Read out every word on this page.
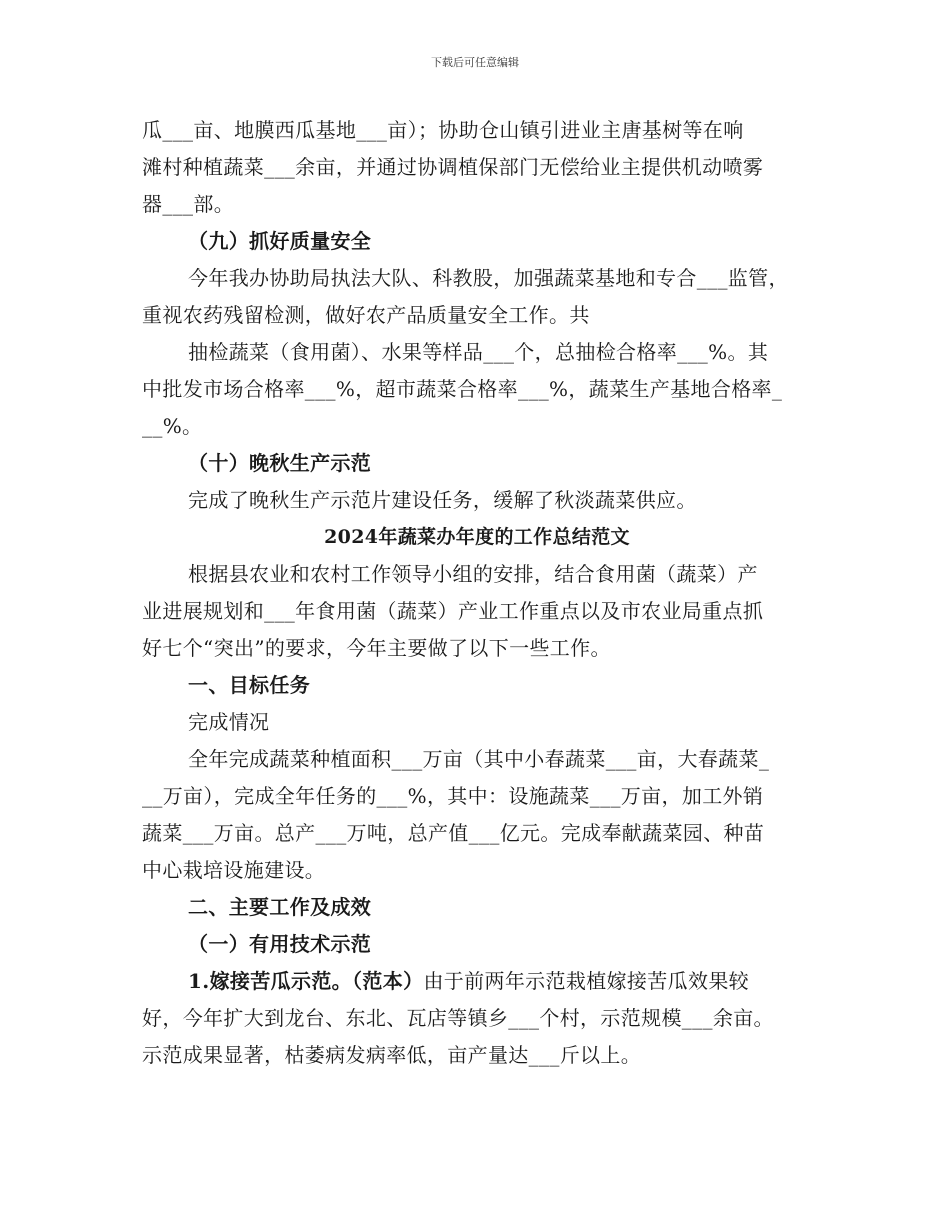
下载后可任意编辑
瓜___亩、地膜西瓜基地___亩）；协助仓山镇引进业主唐基树等在响
滩村种植蔬菜___余亩，并通过协调植保部门无偿给业主提供机动喷雾
器___部。
（九）抓好质量安全
今年我办协助局执法大队、科教股，加强蔬菜基地和专合___监管，
重视农药残留检测，做好农产品质量安全工作。共
抽检蔬菜（食用菌）、水果等样品___个，总抽检合格率___%。其
中批发市场合格率___%，超市蔬菜合格率___%，蔬菜生产基地合格率_
__%。
（十）晚秋生产示范
完成了晚秋生产示范片建设任务，缓解了秋淡蔬菜供应。
2024年蔬菜办年度的工作总结范文
根据县农业和农村工作领导小组的安排，结合食用菌（蔬菜）产
业进展规划和___年食用菌（蔬菜）产业工作重点以及市农业局重点抓
好七个“突出”的要求，今年主要做了以下一些工作。
一、目标任务
完成情况
全年完成蔬菜种植面积___万亩（其中小春蔬菜___亩，大春蔬菜_
__万亩），完成全年任务的___%，其中：设施蔬菜___万亩，加工外销
蔬菜___万亩。总产___万吨，总产值___亿元。完成奉献蔬菜园、种苗
中心栽培设施建设。
二、主要工作及成效
（一）有用技术示范
1.嫁接苦瓜示范。（范本）由于前两年示范栽植嫁接苦瓜效果较
好，今年扩大到龙台、东北、瓦店等镇乡___个村，示范规模___余亩。
示范成果显著，枯萎病发病率低，亩产量达___斤以上。
